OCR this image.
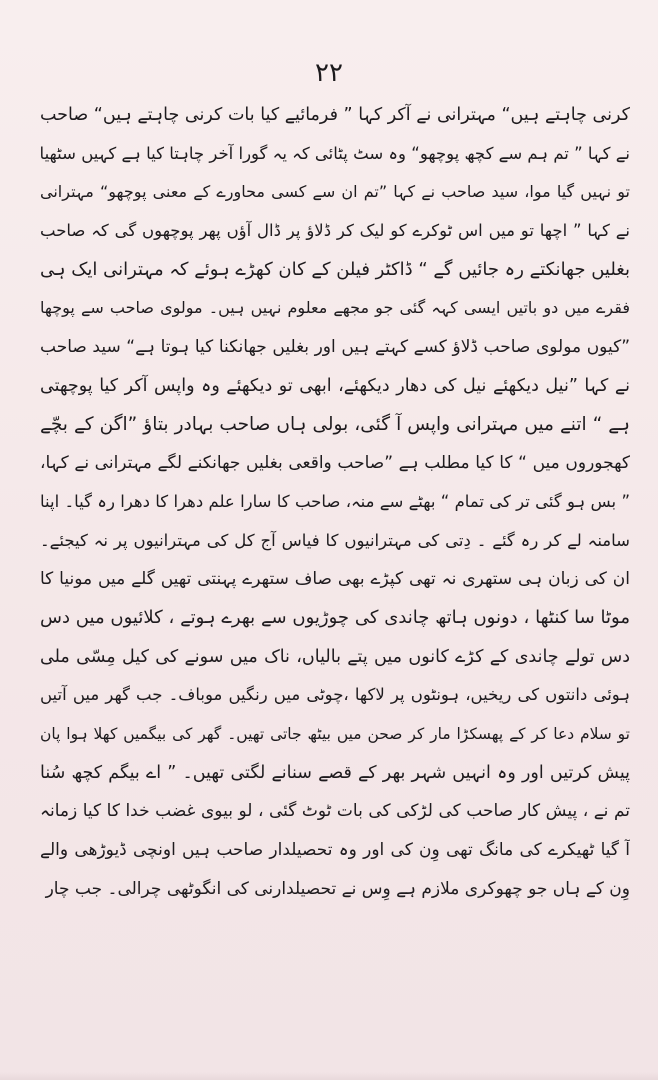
۲۲
کرنی چاہتے ہیں“ مہترانی نے آکر کہا ” فرمائیے کیا بات کرنی چاہتے ہیں“ صاحب
نے کہا ” تم ہم سے کچھ پوچھو“ وہ سٹ پٹائی کہ یہ گورا آخر چاہتا کیا ہے کہیں سٹھیا
تو نہیں گیا موا، سید صاحب نے کہا ”تم ان سے کسی محاورے کے معنی پوچھو“ مہترانی
نے کہا ” اچھا تو میں اس ٹوکرے کو لیک کر ڈلاؤ پر ڈال آؤں پھر پوچھوں گی کہ صاحب
بغلیں جھانکتے رہ جائیں گے “ ڈاکٹر فیلن کے کان کھڑے ہوئے کہ مہترانی ایک ہی
فقرے میں دو باتیں ایسی کہہ گئی جو مجھے معلوم نہیں ہیں۔ مولوی صاحب سے پوچھا
”کیوں مولوی صاحب ڈلاؤ کسے کہتے ہیں اور بغلیں جھانکنا کیا ہوتا ہے“ سید صاحب
نے کہا ”نیل دیکھئے نیل کی دھار دیکھئے، ابھی تو دیکھئے وہ واپس آکر کیا پوچھتی
ہے “ اتنے میں مہترانی واپس آ گئی، بولی ہاں صاحب بہادر بتاؤ ”اگن کے بچّے
کھجوروں میں “ کا کیا مطلب ہے ”صاحب واقعی بغلیں جھانکنے لگے مہترانی نے کہا،
” بس ہو گئی تر کی تمام “ بھٹے سے منہ، صاحب کا سارا علم دھرا کا دھرا رہ گیا۔ اپنا
سامنہ لے کر رہ گئے ۔ دِتی کی مہترانیوں کا فیاس آج کل کی مہترانیوں پر نہ کیجئے۔
ان کی زبان ہی ستھری نہ تھی کپڑے بھی صاف ستھرے پہنتی تھیں گلے میں مونیا کا
موٹا سا کنٹھا ، دونوں ہاتھ چاندی کی چوڑیوں سے بھرے ہوتے ، کلائیوں میں دس
دس تولے چاندی کے کڑے کانوں میں پتے بالیاں، ناک میں سونے کی کیل مِسّی ملی
ہوئی دانتوں کی ریخیں، ہونٹوں پر لاکھا ،چوٹی میں رنگیں موباف۔ جب گھر میں آتیں
تو سلام دعا کر کے پھسکڑا مار کر صحن میں بیٹھ جاتی تھیں۔ گھر کی بیگمیں کھلا ہوا پان
پیش کرتیں اور وہ انہیں شہر بھر کے قصے سنانے لگتی تھیں۔ ” اے بیگم کچھ سُنا
تم نے ، پیش کار صاحب کی لڑکی کی بات ٹوٹ گئی ، لو بیوی غضب خدا کا کیا زمانہ
آ گیا ٹھیکرے کی مانگ تھی وِن کی اور وہ تحصیلدار صاحب ہیں اونچی ڈیوڑھی والے
وِن کے ہاں جو چھوکری ملازم ہے وِس نے تحصیلدارنی کی انگوٹھی چرالی۔ جب چار
